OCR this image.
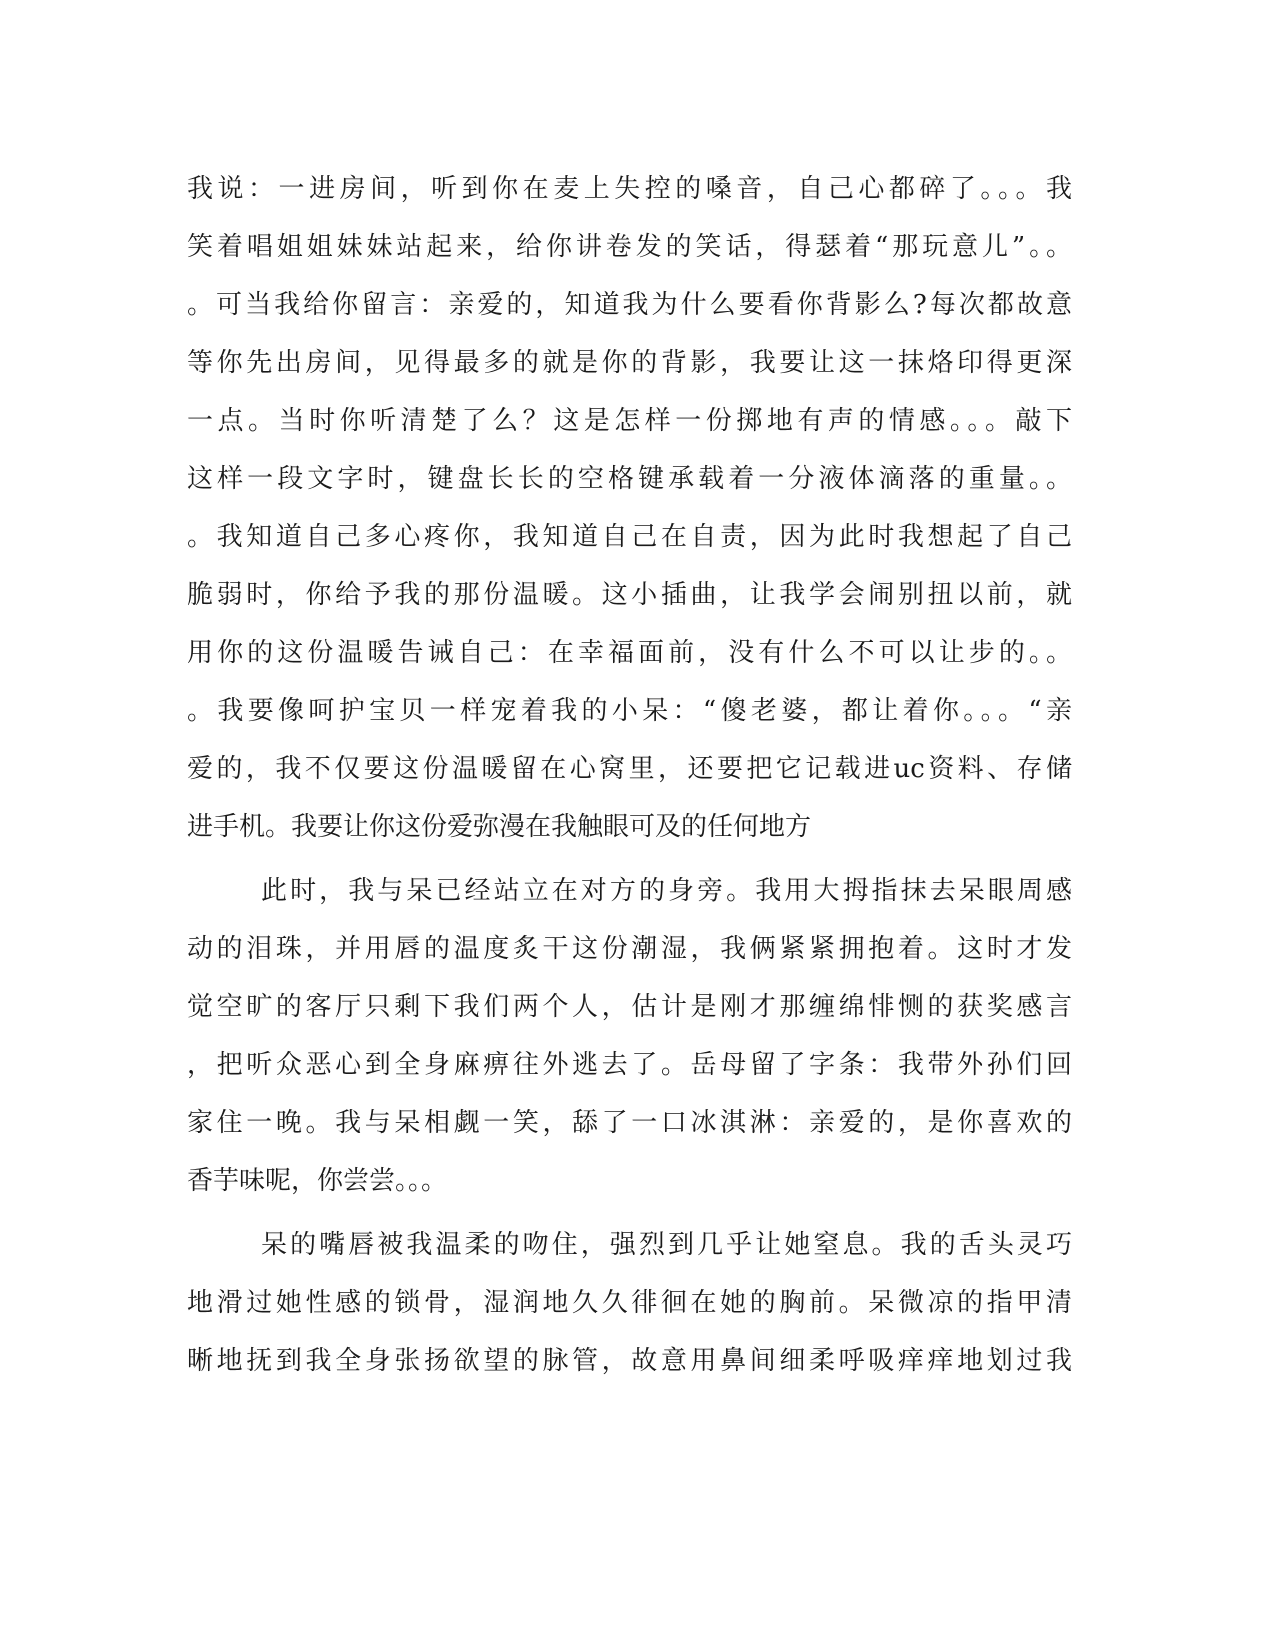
我说：一进房间，听到你在麦上失控的嗓音，自己心都碎了。。。我
笑着唱姐姐妹妹站起来，给你讲卷发的笑话，得瑟着“那玩意儿”。。
。可当我给你留言：亲爱的，知道我为什么要看你背影么?每次都故意
等你先出房间，见得最多的就是你的背影，我要让这一抹烙印得更深
一点。当时你听清楚了么？这是怎样一份掷地有声的情感。。。敲下
这样一段文字时，键盘长长的空格键承载着一分液体滴落的重量。。
。我知道自己多心疼你，我知道自己在自责，因为此时我想起了自己
脆弱时，你给予我的那份温暖。这小插曲，让我学会闹别扭以前，就
用你的这份温暖告诫自己：在幸福面前，没有什么不可以让步的。。
。我要像呵护宝贝一样宠着我的小呆：“傻老婆，都让着你。。。“亲
爱的，我不仅要这份温暖留在心窝里，还要把它记载进uc资料、存储
进手机。我要让你这份爱弥漫在我触眼可及的任何地方
此时，我与呆已经站立在对方的身旁。我用大拇指抹去呆眼周感
动的泪珠，并用唇的温度炙干这份潮湿，我俩紧紧拥抱着。这时才发
觉空旷的客厅只剩下我们两个人，估计是刚才那缠绵悱恻的获奖感言
，把听众恶心到全身麻痹往外逃去了。岳母留了字条：我带外孙们回
家住一晚。我与呆相觑一笑，舔了一口冰淇淋：亲爱的，是你喜欢的
香芋味呢，你尝尝。。。
呆的嘴唇被我温柔的吻住，强烈到几乎让她窒息。我的舌头灵巧
地滑过她性感的锁骨，湿润地久久徘徊在她的胸前。呆微凉的指甲清
晰地抚到我全身张扬欲望的脉管，故意用鼻间细柔呼吸痒痒地划过我
